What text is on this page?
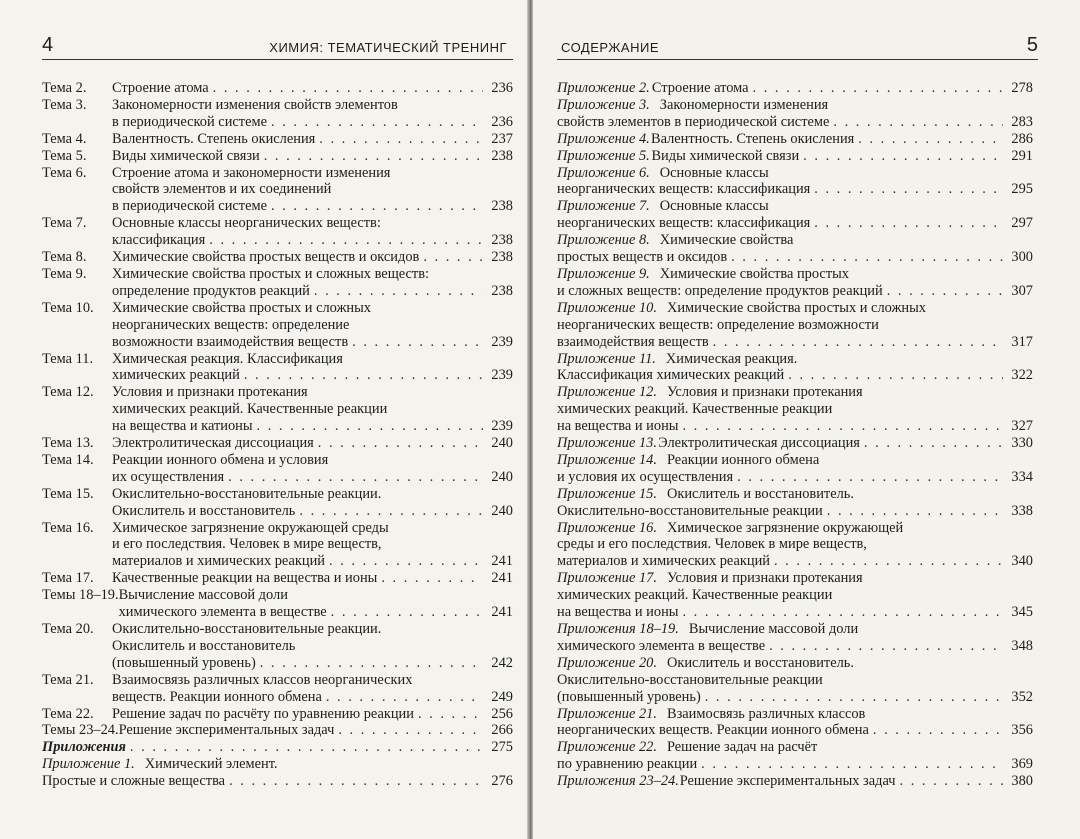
4	ХИМИЯ: ТЕМАТИЧЕСКИЙ ТРЕНИНГ
Тема 2.	Строение атома . . .	236
Тема 3.	Закономерности изменения свойств элементов
в периодической системе . . .	236
Тема 4.	Валентность. Степень окисления . . .	237
Тема 5.	Виды химической связи . . .	238
Тема 6.	Строение атома и закономерности изменения
свойств элементов и их соединений
в периодической системе . . .	238
Тема 7.	Основные классы неорганических веществ:
классификация . . .	238
Тема 8.	Химические свойства простых веществ и оксидов . . .	238
Тема 9.	Химические свойства простых и сложных веществ:
определение продуктов реакций . . .	238
Тема 10.	Химические свойства простых и сложных
неорганических веществ: определение
возможности взаимодействия веществ . . .	239
Тема 11.	Химическая реакция. Классификация
химических реакций . . .	239
Тема 12.	Условия и признаки протекания
химических реакций. Качественные реакции
на вещества и катионы . . .	239
Тема 13.	Электролитическая диссоциация . . .	240
Тема 14.	Реакции ионного обмена и условия
их осуществления . . .	240
Тема 15.	Окислительно-восстановительные реакции.
Окислитель и восстановитель . . .	240
Тема 16.	Химическое загрязнение окружающей среды
и его последствия. Человек в мире веществ,
материалов и химических реакций . . .	241
Тема 17.	Качественные реакции на вещества и ионы . . .	241
Темы 18–19. Вычисление массовой доли
химического элемента в веществе . . .	241
Тема 20.	Окислительно-восстановительные реакции.
Окислитель и восстановитель
(повышенный уровень) . . .	242
Тема 21.	Взаимосвязь различных классов неорганических
веществ. Реакции ионного обмена . . .	249
Тема 22.	Решение задач по расчёту по уравнению реакции . . .	256
Темы 23–24. Решение экспериментальных задач . . .	266
Приложения . . .	275
Приложение 1. Химический элемент.
Простые и сложные вещества . . .	276
СОДЕРЖАНИЕ	5
Приложение 2. Строение атома . . .	278
Приложение 3. Закономерности изменения
свойств элементов в периодической системе . . .	283
Приложение 4. Валентность. Степень окисления . . .	286
Приложение 5. Виды химической связи . . .	291
Приложение 6. Основные классы
неорганических веществ: классификация . . .	295
Приложение 7. Основные классы
неорганических веществ: классификация . . .	297
Приложение 8. Химические свойства
простых веществ и оксидов . . .	300
Приложение 9. Химические свойства простых
и сложных веществ: определение продуктов реакций . . .	307
Приложение 10. Химические свойства простых и сложных
неорганических веществ: определение возможности
взаимодействия веществ . . .	317
Приложение 11. Химическая реакция.
Классификация химических реакций . . .	322
Приложение 12. Условия и признаки протекания
химических реакций. Качественные реакции
на вещества и ионы . . .	327
Приложение 13. Электролитическая диссоциация . . .	330
Приложение 14. Реакции ионного обмена
и условия их осуществления . . .	334
Приложение 15. Окислитель и восстановитель.
Окислительно-восстановительные реакции . . .	338
Приложение 16. Химическое загрязнение окружающей
среды и его последствия. Человек в мире веществ,
материалов и химических реакций . . .	340
Приложение 17. Условия и признаки протекания
химических реакций. Качественные реакции
на вещества и ионы . . .	345
Приложения 18–19. Вычисление массовой доли
химического элемента в веществе . . .	348
Приложение 20. Окислитель и восстановитель.
Окислительно-восстановительные реакции
(повышенный уровень) . . .	352
Приложение 21. Взаимосвязь различных классов
неорганических веществ. Реакции ионного обмена . . .	356
Приложение 22. Решение задач на расчёт
по уравнению реакции . . .	369
Приложения 23–24. Решение экспериментальных задач . . .	380
